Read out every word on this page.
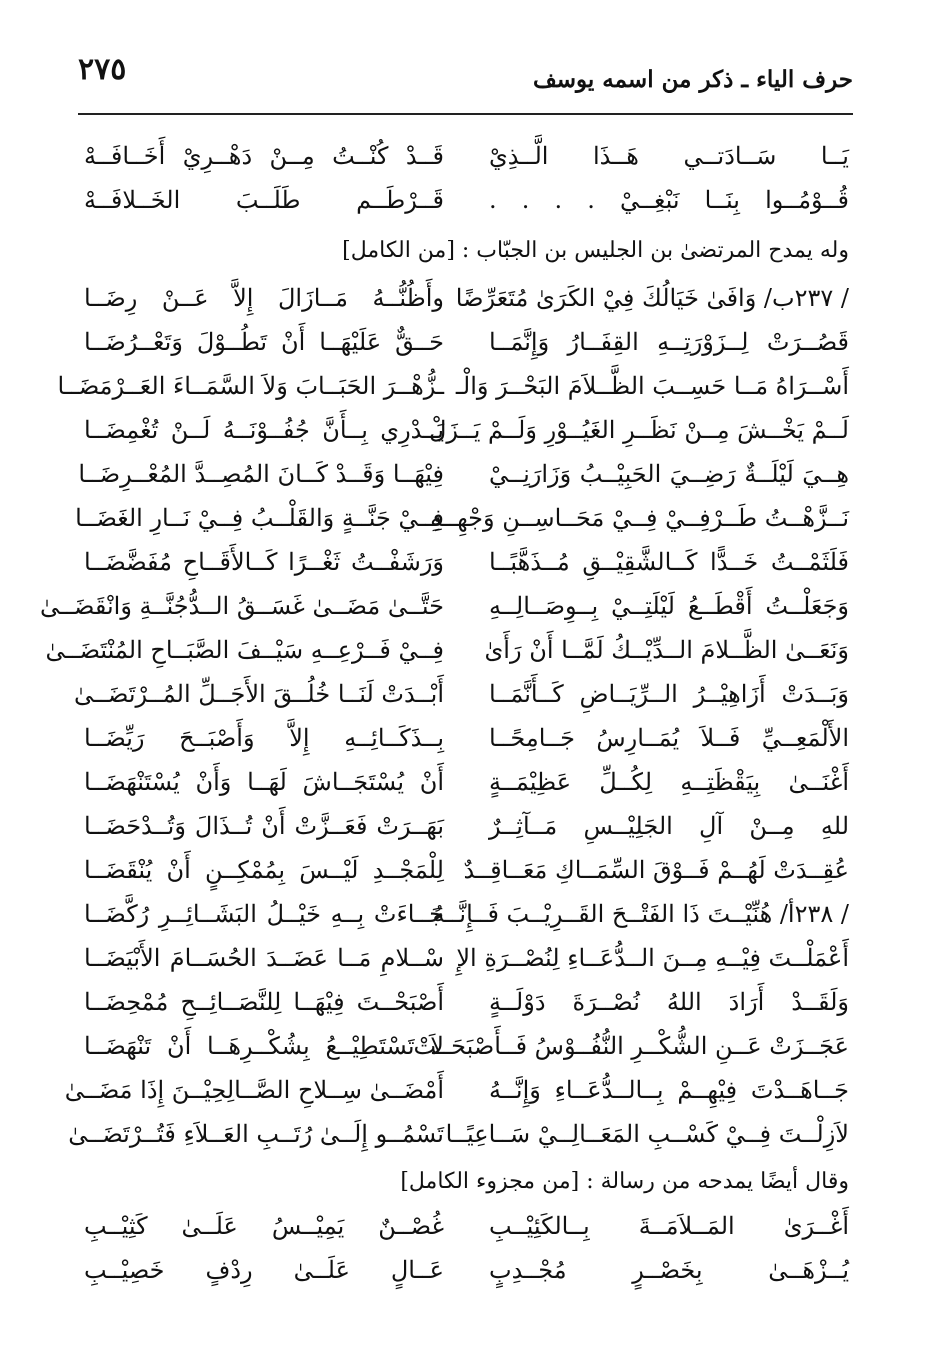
٢٧٥	حرف الياء ـ ذكر من اسمه يوسف
يَــا سَــادَتــي هَــذَا الَّــذِيْ
قَــدْ كُنْــتُ مِــنْ دَهْــرِيْ أَخَــافَــهْ
قُــوْمُــوا بِنَــا نَبْغِــيْ . . . .
قَــرْطَــم طَلَــبَ الخَــلافَــهْ
وله يمدح المرتضىٰ بن الجليس بن الجبّاب : [من الكامل]
/ ٢٣٧ب/ وَافَىٰ خَيَالُكَ فِيْ الكَرَىٰ مُتَعَرِّضًا
وأَظُنُّــهُ مَــازَالَ إِلاَّ عَــنْ رِضَــا
قَصُــرَتْ لِــزَوْرَتِــهِ القِفَــارُ وَإِنَّمَــا
حَــقٌّ عَلَيْهَــا أَنْ تَطُــوْلَ وَتَعْــرُضَــا
أَسْــرَاهُ مَــا حَسِــبَ الظَّــلاَمَ البَحْــرَ وَالْـ
ـزُّهْــرَ الحَبَــابَ وَلاَ السَّمَــاءَ العَــرْمَضَــا
لَــمْ يَخْــشَ مِــنْ نَظَــرِ الغَيُــوْرِ وَلَــمْ يَــزَلْ
يَــدْرِي بِــأَنَّ جُفُــوْنَــهُ لَــنْ تُغْمِضَــا
هِــيَ لَيْلَــةٌ رَضِــيَ الحَبِيْــبُ وَزَارَنِــيْ
فِيْهَــا وَقَــدْ كَــانَ المُصِــدَّ المُعْــرِضَــا
نَــزَّهْــتُ طَــرْفِــيْ فِــيْ مَحَــاسِــنِ وَجْهِــهِ
فِــيْ جَنَّــةٍ وَالقَلْــبُ فِــيْ نَــارِ الغَضَــا
فَلَثَمْــتُ خَــدًّا كَــالشَّقِيْــقِ مُــذَهَّبًــا
وَرَشَفْــتُ ثَغْــرًا كَــالأَقَــاحِ مُفَضَّضَــا
وَجَعَلْــتُ أَقْطَــعُ لَيْلَتِــيْ بِــوِصَــالِــهِ
حَتَّــىٰ مَضَــىٰ غَسَــقُ الــدُّجُنَّــةِ وَانْقَضَــىٰ
وَنَعَــىٰ الظَّــلامَ الــدِّيْــكُ لَمَّــا أَنْ رَأَىٰ
فِــيْ فَــرْعِــهِ سَيْــفَ الصَّبَــاحِ المُنْتَضَــىٰ
وَبَــدَتْ أَزَاهِيْــرُ الــرِّيَــاضِ كَــأَنَّمَــا
أَبْــدَتْ لَنَــا خُلُــقَ الأَجَــلِّ المُــرْتَضَــىٰ
الأَلْمَعِــيِّ فَــلاَ يُمَــارِسُ جَــامِحًــا
بِــذَكَــائِــهِ إِلاَّ وَأَصْبَــحَ رَيِّضَــا
أَغْنَــىٰ بِيَقْظَتِــهِ لِكُــلِّ عَظِيْمَــةٍ
أَنْ يُسْتَجَــاشَ لَهَــا وَأَنْ يُسْتَنْهَضَــا
للهِ مِــنْ آلِ الجَلِيْــسِ مَــآثِــرٌ
بَهَــرَتْ فَعَــزَّتْ أَنْ تُــذَالَ وَتُــدْحَضَــا
عُقِــدَتْ لَهُــمْ فَــوْقَ السِّمَــاكِ مَعَــاقِــدٌ
لِلْمَجْــدِ لَيْــسَ بِمُمْكِــنٍ أَنْ يُنْقَضَــا
/ ٢٣٨أ/ هُنِّيْــتَ ذَا الفَتْــحَ القَــرِيْــبَ فَــإِنَّــهُ
جَــاءَتْ بِــهِ خَيْــلُ البَشَــائِــرِ رُكَّضَــا
أَعْمَلْــتَ فِيْــهِ مِــنَ الــدُّعَــاءِ لِنُصْــرَةِ الإِ
سْــلامِ مَــا عَضَــدَ الحُسَــامَ الأَبْيَضَــا
وَلَقَــدْ أَرَادَ اللهُ نُصْــرَةَ دَوْلَــةٍ
أَصْبَحْــتَ فِيْهَــا لِلنَّصَــائِــحِ مُمْحِضَــا
عَجَــزَتْ عَــنِ الشُّكْــرِ النُّفُــوْسُ فَــأَصْبَحَــتْ
لاَ تَسْتَطِيْــعُ بِشُكْــرِهَــا أَنْ تَنْهَضَــا
جَــاهَــدْتَ فِيْهِــمْ بِــالــدُّعَــاءِ وَإِنَّــهُ
أَمْضَــىٰ سِــلاحِ الصَّــالِحِيْــنَ إِذَا مَضَــىٰ
لاَزِلْــتَ فِــيْ كَسْــبِ المَعَــالِــيْ سَــاعِيًــا
تَسْمُــو إِلَــىٰ رُتَــبِ العَــلاَءِ فَتُــرْتَضَــىٰ
وقال أيضًا يمدحه من رسالة : [من مجزوء الكامل]
أَغْــرَىٰ المَــلاَمَــةَ بِــالكَئِيْــبِ
غُصْــنٌ يَمِيْــسُ عَلَــىٰ كَثِيْــبِ
يُــزْهَــىٰ بِخَصْــرٍ مُجْــدِبٍ
عَــالٍ عَلَــىٰ رِدْفٍ خَصِيْــبِ
